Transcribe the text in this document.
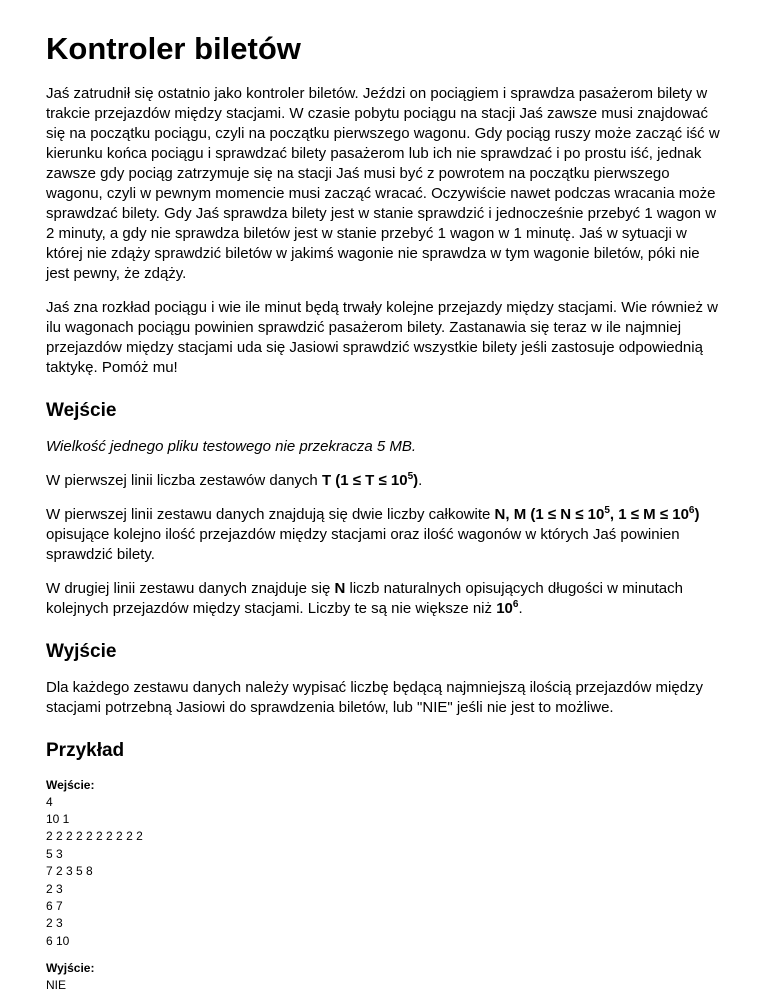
Kontroler biletów

Jaś zatrudnił się ostatnio jako kontroler biletów. Jeździ on pociągiem i sprawdza pasażerom bilety w trakcie przejazdów między stacjami. W czasie pobytu pociągu na stacji Jaś zawsze musi znajdować się na początku pociągu, czyli na początku pierwszego wagonu. Gdy pociąg ruszy może zacząć iść w kierunku końca pociągu i sprawdzać bilety pasażerom lub ich nie sprawdzać i po prostu iść, jednak zawsze gdy pociąg zatrzymuje się na stacji Jaś musi być z powrotem na początku pierwszego wagonu, czyli w pewnym momencie musi zacząć wracać. Oczywiście nawet podczas wracania może sprawdzać bilety. Gdy Jaś sprawdza bilety jest w stanie sprawdzić i jednocześnie przebyć 1 wagon w 2 minuty, a gdy nie sprawdza biletów jest w stanie przebyć 1 wagon w 1 minutę. Jaś w sytuacji w której nie zdąży sprawdzić biletów w jakimś wagonie nie sprawdza w tym wagonie biletów, póki nie jest pewny, że zdąży.

Jaś zna rozkład pociągu i wie ile minut będą trwały kolejne przejazdy między stacjami. Wie również w ilu wagonach pociągu powinien sprawdzić pasażerom bilety. Zastanawia się teraz w ile najmniej przejazdów między stacjami uda się Jasiowi sprawdzić wszystkie bilety jeśli zastosuje odpowiednią taktykę. Pomóż mu!

Wejście

Wielkość jednego pliku testowego nie przekracza 5 MB.

W pierwszej linii liczba zestawów danych T $(1 \le T \le 10^5)$.

W pierwszej linii zestawu danych znajdują się dwie liczby całkowite N, M ($1 \le N \le 10^5$, $1 \le M \le 10^6$) opisujące kolejno ilość przejazdów między stacjami oraz ilość wagonów w których Jaś powinien sprawdzić bilety.

W drugiej linii zestawu danych znajduje się N liczb naturalnych opisujących długości w minutach kolejnych przejazdów między stacjami. Liczby te są nie większe niż $10^6$.

Wyjście

Dla każdego zestawu danych należy wypisać liczbę będącą najmniejszą ilością przejazdów między stacjami potrzebną Jasiowi do sprawdzenia biletów, lub "NIE" jeśli nie jest to możliwe.

Przykład
Wejście:
4
10 1
2 2 2 2 2 2 2 2 2 2
5 3
7 2 3 5 8
2 3
6 7
2 3
6 10
Wyjście:
NIE
